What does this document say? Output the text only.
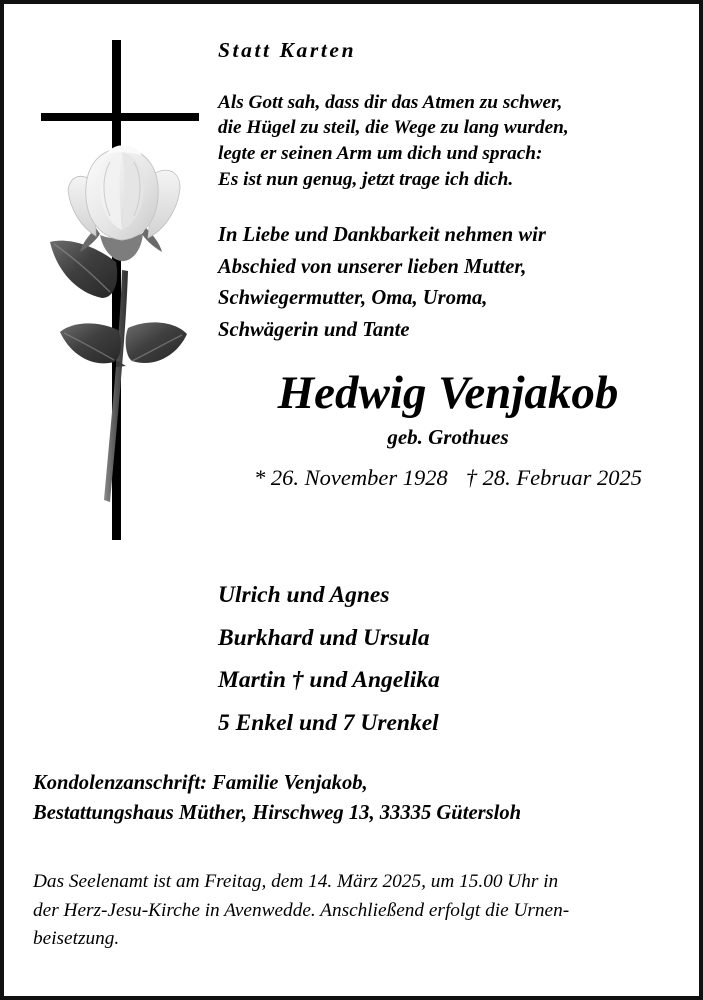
Statt Karten

Als Gott sah, dass dir das Atmen zu schwer,
die Hügel zu steil, die Wege zu lang wurden,
legte er seinen Arm um dich und sprach:
Es ist nun genug, jetzt trage ich dich.

In Liebe und Dankbarkeit nehmen wir
Abschied von unserer lieben Mutter,
Schwiegermutter, Oma, Uroma,
Schwägerin und Tante

Hedwig Venjakob

geb. Grothues

* 26. November 1928 † 28. Februar 2025

Ulrich und Agnes
Burkhard und Ursula
Martin † und Angelika
5 Enkel und 7 Urenkel
Kondolenzanschrift: Familie Venjakob,
Bestattungshaus Müther, Hirschweg 13, 33335 Gütersloh
Das Seelenamt ist am Freitag, dem 14. März 2025, um 15.00 Uhr in
der Herz-Jesu-Kirche in Avenwedde. Anschließend erfolgt die Urnen-
beisetzung.
